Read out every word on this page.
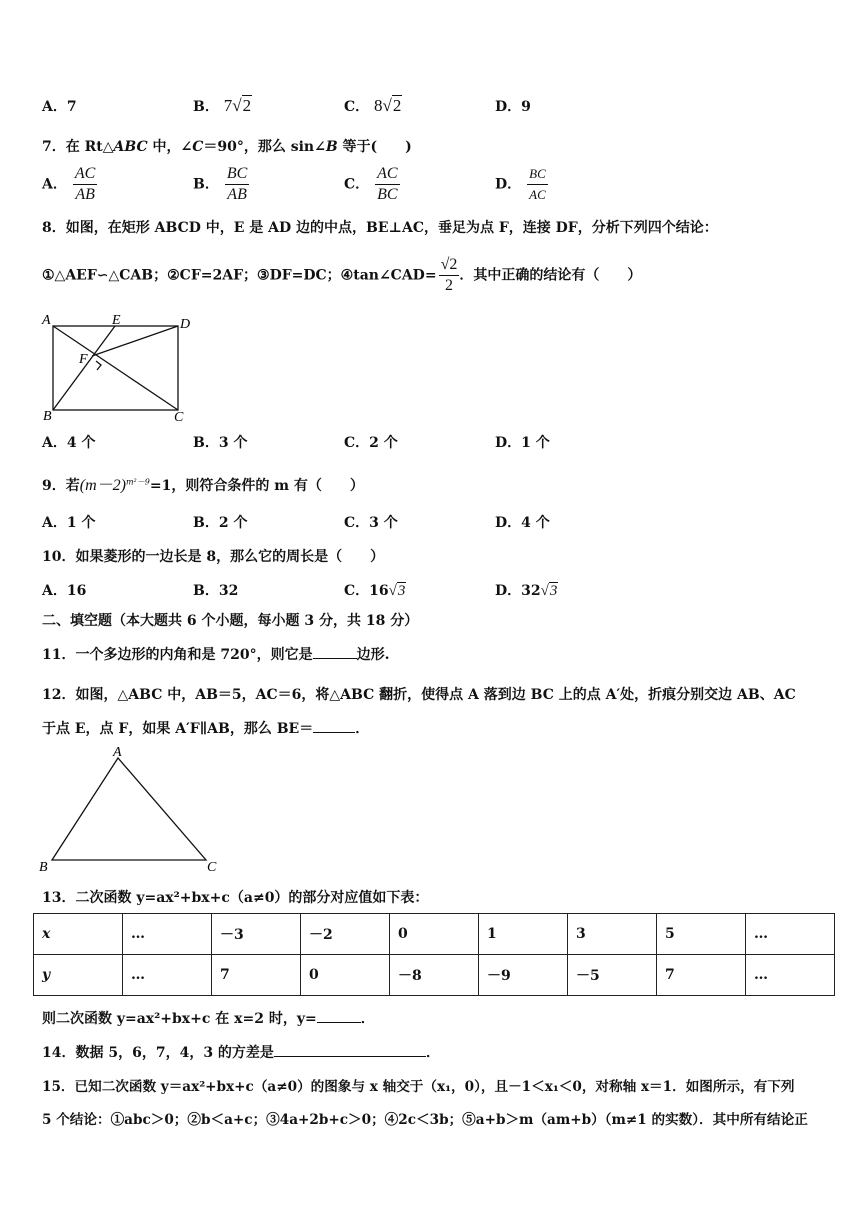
A．7	B． 7√2	C． 8√2	D．9
7．在 Rt△ABC 中，∠C＝90°，那么 sin∠B 等于(　　)
A． $\frac{AC}{AB}$	B． $\frac{BC}{AB}$	C． $\frac{AC}{BC}$	D． $\frac{BC}{AC}$
8．如图，在矩形 ABCD 中，E 是 AD 边的中点，BE⊥AC，垂足为点 F，连接 DF，分析下列四个结论：
①△AEF∽△CAB；②CF=2AF；③DF=DC；④tan∠CAD= $\frac{√2}{2}$ ．其中正确的结论有（　　）
A	E	D
F
B	C
A．4 个	B．3 个	C．2 个	D．1 个
9．若$(m-2)^{m^2-9}=1$，则符合条件的 m 有（　　）
A．1 个	B．2 个	C．3 个	D．4 个
10．如果菱形的一边长是 8，那么它的周长是（　　）
A．16	B．32	C．16√3	D．32√3
二、填空题（本大题共 6 个小题，每小题 3 分，共 18 分）
11．一个多边形的内角和是 720°，则它是	边形.
12．如图，△ABC 中，AB＝5，AC＝6，将△ABC 翻折，使得点 A 落到边 BC 上的点 A′处，折痕分别交边 AB、AC
于点 E，点 F，如果 A′F∥AB，那么 BE＝	．
A
B	C
13．二次函数 y=ax²+bx+c（a≠0）的部分对应值如下表：
x	…	－3	－2	0	1	3	5	…
y	…	7	0	－8	－9	－5	7	…
则二次函数 y=ax²+bx+c 在 x=2 时，y=	．
14．数据 5，6，7，4，3 的方差是	．
15．已知二次函数 y＝ax²+bx+c（a≠0）的图象与 x 轴交于（x₁，0），且－1＜x₁＜0，对称轴 x＝1．如图所示，有下列
5 个结论：①abc＞0；②b＜a+c；③4a+2b+c＞0；④2c＜3b；⑤a+b＞m（am+b）（m≠1 的实数）．其中所有结论正
